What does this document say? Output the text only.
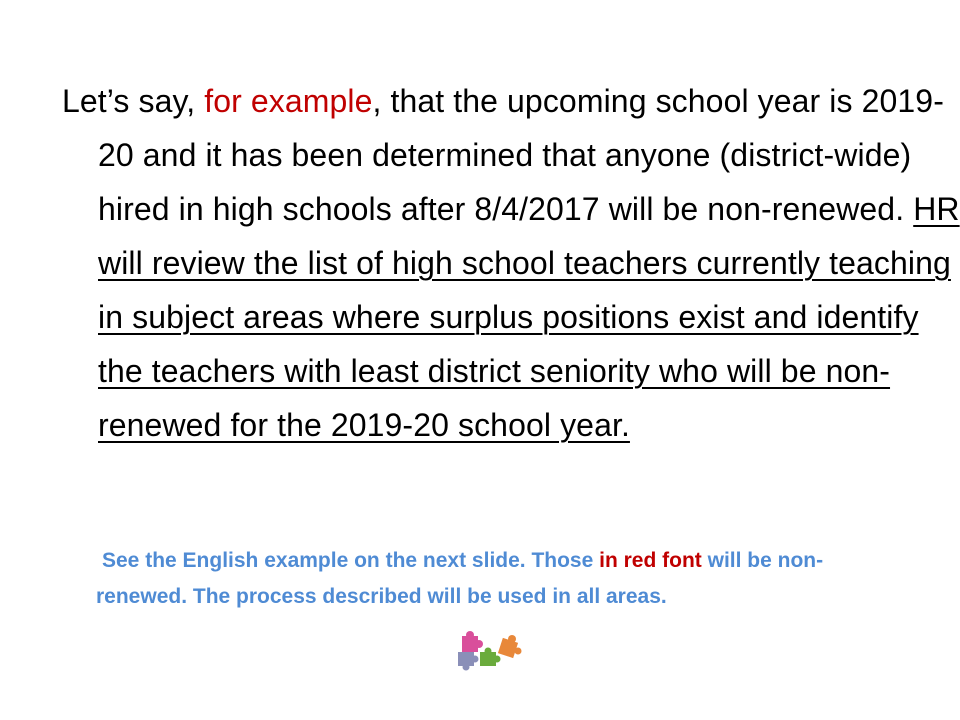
Let’s say, for example, that the upcoming school year is 2019-20 and it has been determined that anyone (district-wide) hired in high schools after 8/4/2017 will be non-renewed. HR will review the list of high school teachers currently teaching in subject areas where surplus positions exist and identify the teachers with least district seniority who will be non-renewed for the 2019-20 school year.

See the English example on the next slide. Those in red font will be non-renewed. The process described will be used in all areas.
